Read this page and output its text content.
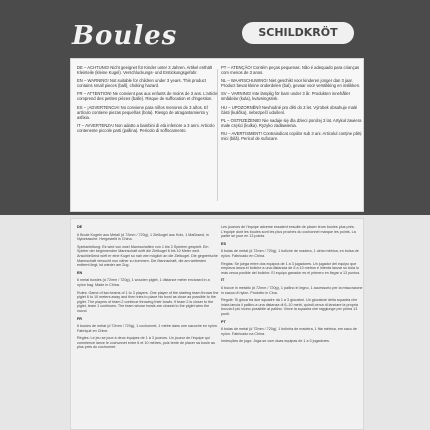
Boules	SCHILDKRÖT
DE – ACHTUNG! Nicht geeignet für Kinder unter 3 Jahren. Artikel enthält Kleinteile (kleine Kugel). Verschluckungs- und Erstickungsgefahr.
EN – WARNING! Not suitable for children under 3 years. This product contains small pieces (ball), choking hazard.
FR – ATTENTION! Ne convient pas aux enfants de moins de 3 ans. L'article comprend des petites pièces (balle). Risque de suffocation et d'ingestion.
ES – ¡ADVERTENCIA! No conviene para niños menores de 3 años. El artículo contiene piezas pequeñas (bola). Riesgo de atragantamiento y asfixia.
IT – AVVERTENZA! Non adatto a bambini di età inferiore a 3 anni. Articolo contenente piccole parti (pallina). Pericolo di soffocamento.
PT – ATENÇÃO! Contém peças pequenas. Não é adequado para crianças com menos de 3 anos.
NL – WAARSCHUWING! Niet geschikt voor kinderen jonger dan 3 jaar. Product bevat kleine onderdelen (bal), gevaar voor verstikking en inslikken.
SV – VARNING! Inte lämplig för barn under 3 år. Produkten innehåller smådelar (kula), kvävningsrisk.
HU – UPOZORNĚNÍ! Nevhodné pro děti do 3 let. Výrobek obsahuje malé části (kulička), nebezpečí udušení.
PL – OSTRZEŻENIE! Nie nadaje się dla dzieci poniżej 3 lat. Artykuł zawiera małe części (kulka). Ryzyko zadławienia.
RU – AVERTISMENT! Contraindicat copiilor sub 3 ani. Articolul conține părți mici (bilă). Pericol de sufocare.
DE
6 Boule Kugeln aus Metall (d 72mm / 720g), 1 Zielkugel aus Holz, 1 Maßband, in Nylontasche. Hergestellt in China.
Spielanleitung: Es wird von zwei Mannschaften von 1 bis 3 Spielern gespielt. Ein Spieler der beginnenden Mannschaft wirft die Zielkugel 6 bis 10 Meter weit. Anschließend wirft er eine Kugel so nah wie möglich an die Zielkugel. Die gegnerische Mannschaft versucht nun näher zu kommen. Die Mannschaft, die am weitesten entfernt liegt, ist wieder am Zug.
EN
6 metal bowles (d 72mm / 720g), 1 wooden piglet, 1 distance meter enclosed in a nylon bag. Made in China.
Rules: Game of two teams of 1 to 3 players. One player of the starting team throws the piglet 6 to 10 meters away and then tries to place his bowl as close as possible to the piglet. The players of team 2 continue throwing their bowls. If team 2 is closer to the piglet, team 1 continues. The team whose bowls are closest to the piglet wins the round.
FR
6 boules de métal (d 72mm / 720g), 1 cochonnet, 1 mètre dans une sacoche en nylon. Fabriqué en Chine.
Règles: Le jeu se joue à deux équipes de 1 à 3 joueurs. Un joueur de l'équipe qui commence lance le cochonnet entre 6 et 10 mètres, puis tente de placer sa boule au plus près du cochonnet.
Les joueurs de l'équipe adverse essaient ensuite de placer leurs boules plus près. L'équipe dont les boules sont les plus proches du cochonnet marque les points. La partie se joue en 13 points.
ES
6 bolas de metal (d 72mm / 720g), 1 boliche de madera, 1 cinta métrica, en bolsa de nylon. Fabricado en China.
Reglas: Se juega entre dos equipos de 1 a 3 jugadores. Un jugador del equipo que empieza lanza el boliche a una distancia de 6 a 10 metros e intenta lanzar su bola lo más cerca posible del boliche. El equipo ganador es el primero en llegar a 13 puntos.
IT
6 bocce in metallo (d 72mm / 720g), 1 pallino in legno, 1 accessorio per la misurazione in sacca di nylon. Prodotto in Cina.
Regole: Si gioca tra due squadre da 1 a 3 giocatori. Un giocatore della squadra che inizia lancia il pallino a una distanza di 6–10 metri, quindi cerca di lanciare la propria boccia il più vicino possibile al pallino. Vince la squadra che raggiunge per prima 13 punti.
PT
6 bolas de metal (d 72mm / 720g), 1 bolinha de madeira, 1 fita métrica, em saco de nylon. Fabricado na China.
Instruções de jogo: Joga-se com duas equipas de 1 a 3 jogadores.
